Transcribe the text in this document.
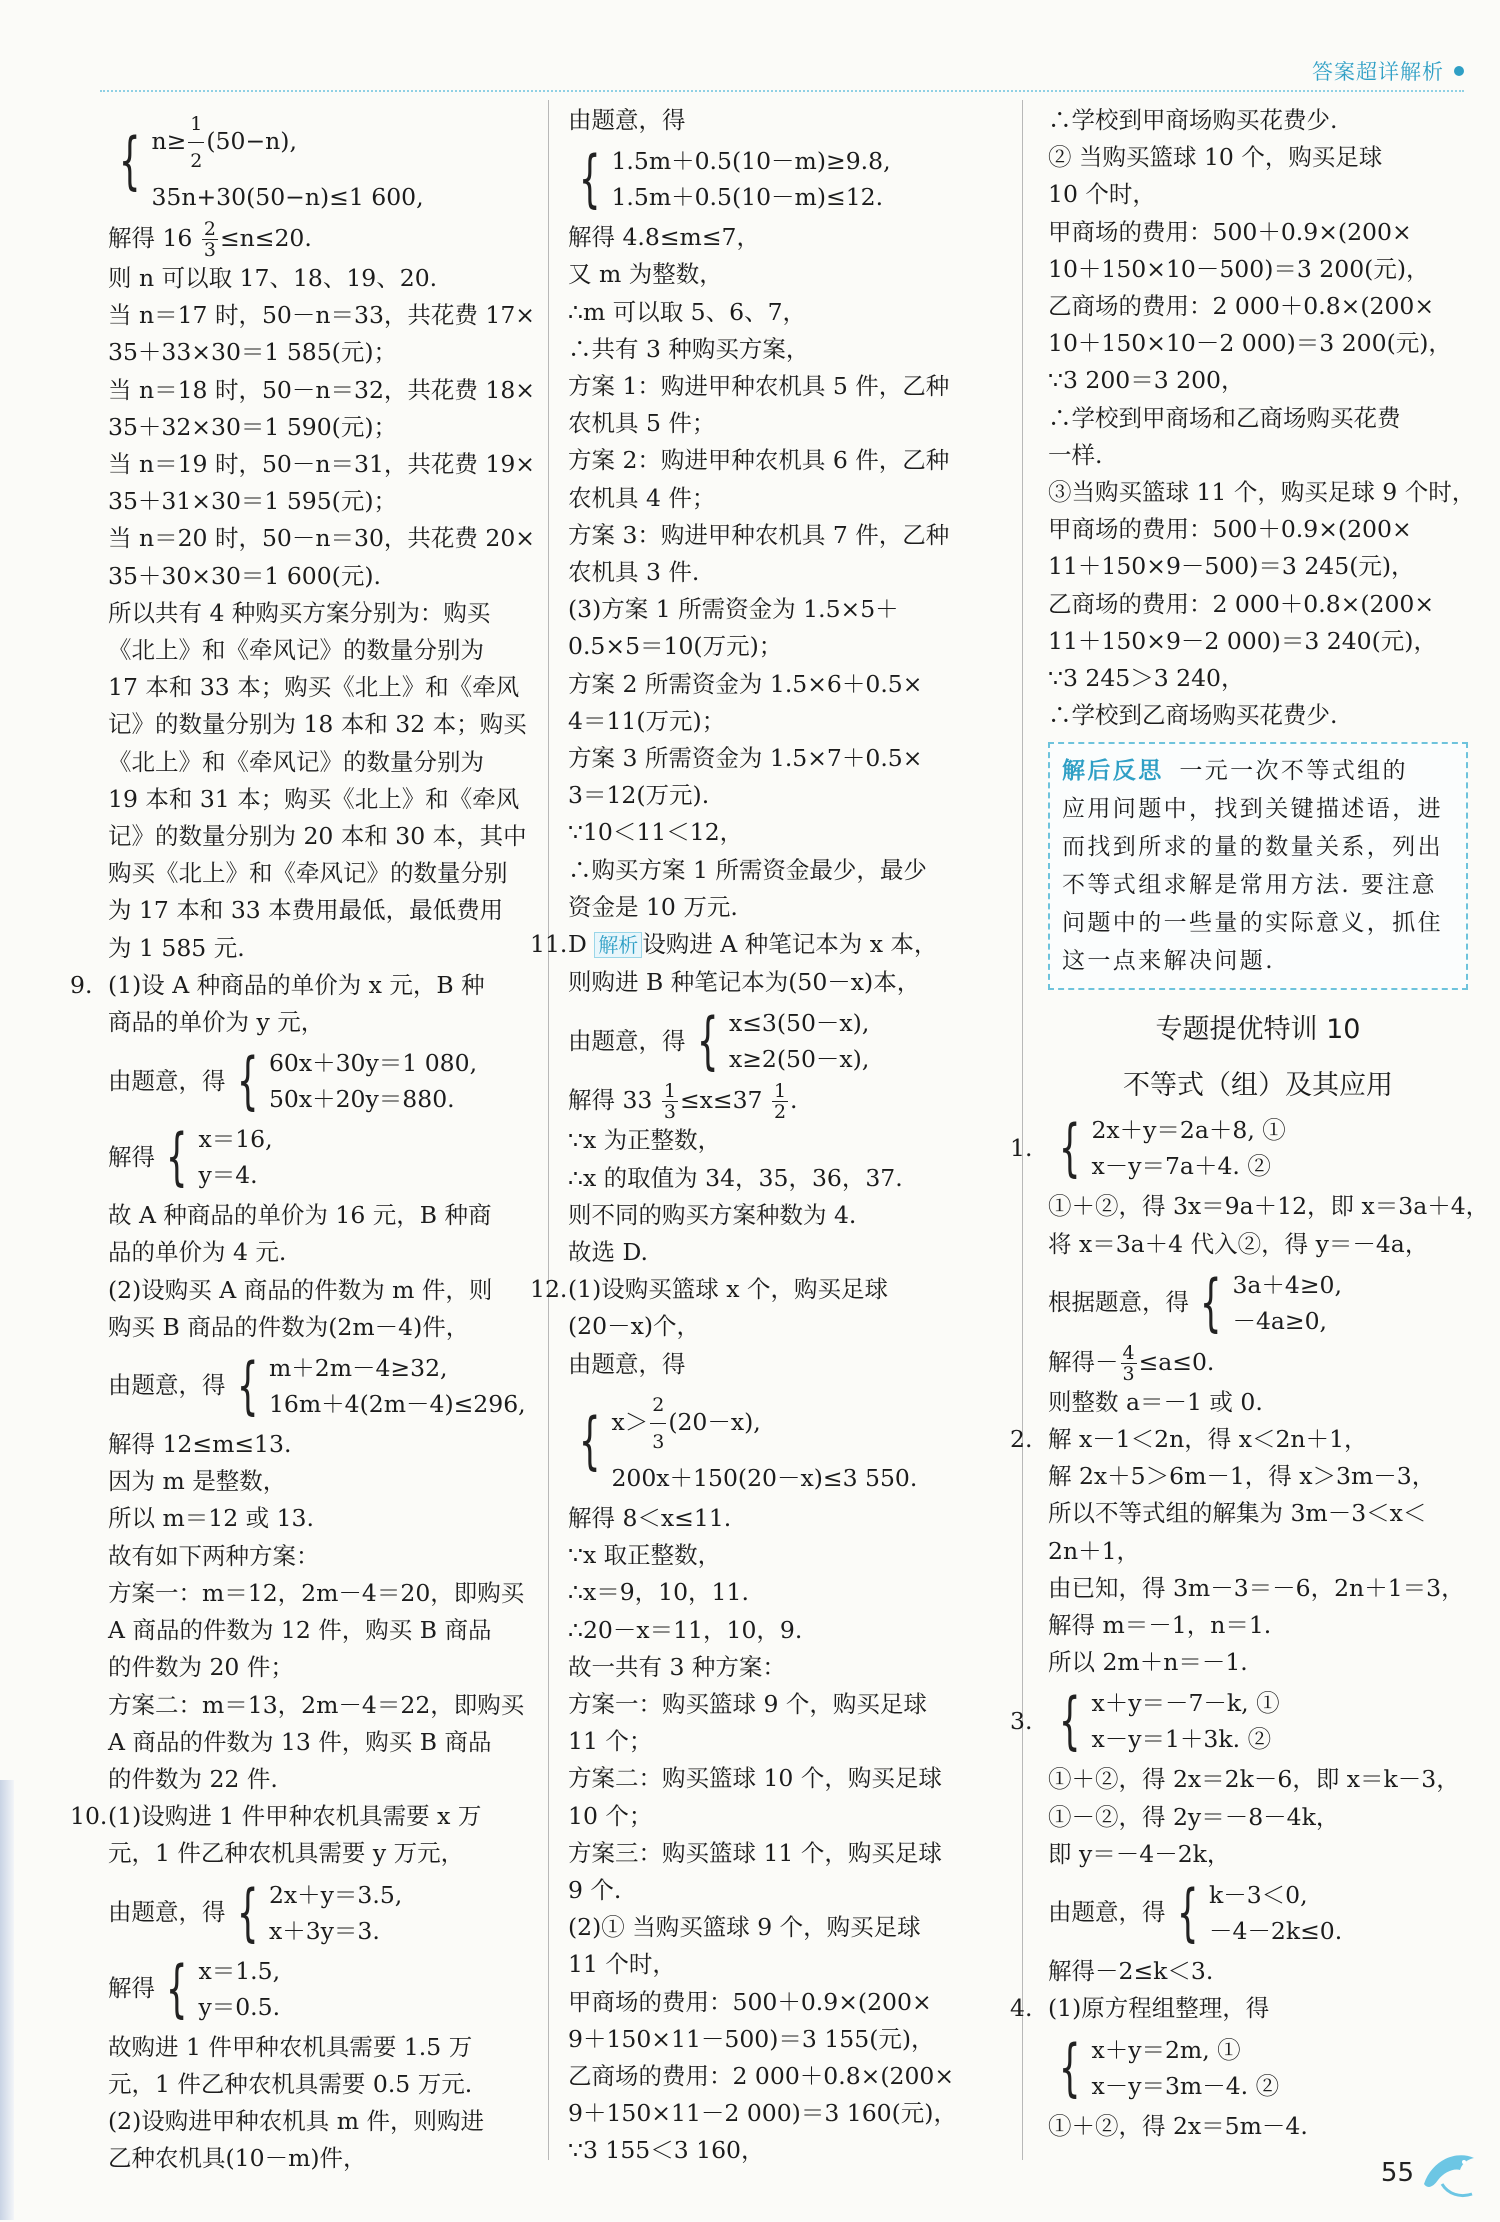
答案超详解析
{ $n\ge \frac{1}{2} (50-n)$,
35n+30(50−n)≤1 600,
解得 $16 \frac{2}{3} \le n\le 20$.
则 n 可以取 17、18、19、20.
当 n＝17 时，50－n＝33，共花费 17×
35＋33×30＝1 585(元)；
当 n＝18 时，50－n＝32，共花费 18×
35＋32×30＝1 590(元)；
当 n＝19 时，50－n＝31，共花费 19×
35＋31×30＝1 595(元)；
当 n＝20 时，50－n＝30，共花费 20×
35＋30×30＝1 600(元).
所以共有 4 种购买方案分别为：购买
《北上》和《牵风记》的数量分别为
17 本和 33 本；购买《北上》和《牵风
记》的数量分别为 18 本和 32 本；购买
《北上》和《牵风记》的数量分别为
19 本和 31 本；购买《北上》和《牵风
记》的数量分别为 20 本和 30 本，其中
购买《北上》和《牵风记》的数量分别
为 17 本和 33 本费用最低，最低费用
为 1 585 元.
9. (1)设 A 种商品的单价为 x 元，B 种
商品的单价为 y 元，
由题意，得 { 60x＋30y＝1 080,
50x＋20y＝880.
解得 { x＝16,
y＝4.
故 A 种商品的单价为 16 元，B 种商
品的单价为 4 元.
(2)设购买 A 商品的件数为 m 件，则
购买 B 商品的件数为(2m－4)件，
由题意，得 { m＋2m－4≥32,
16m＋4(2m－4)≤296,
解得 12≤m≤13.
因为 m 是整数，
所以 m＝12 或 13.
故有如下两种方案：
方案一：m＝12，2m－4＝20，即购买
A 商品的件数为 12 件，购买 B 商品
的件数为 20 件；
方案二：m＝13，2m－4＝22，即购买
A 商品的件数为 13 件，购买 B 商品
的件数为 22 件.
10. (1)设购进 1 件甲种农机具需要 x 万
元，1 件乙种农机具需要 y 万元，
由题意，得 { 2x＋y＝3.5,
x＋3y＝3.
解得 { x＝1.5,
y＝0.5.
故购进 1 件甲种农机具需要 1.5 万
元，1 件乙种农机具需要 0.5 万元.
(2)设购进甲种农机具 m 件，则购进
乙种农机具(10－m)件，
由题意，得
{ 1.5m＋0.5(10－m)≥9.8,
1.5m＋0.5(10－m)≤12.
解得 4.8≤m≤7，
又 m 为整数，
∴m 可以取 5、6、7，
∴共有 3 种购买方案，
方案 1：购进甲种农机具 5 件，乙种
农机具 5 件；
方案 2：购进甲种农机具 6 件，乙种
农机具 4 件；
方案 3：购进甲种农机具 7 件，乙种
农机具 3 件.
(3)方案 1 所需资金为 1.5×5＋
0.5×5＝10(万元)；
方案 2 所需资金为 1.5×6＋0.5×
4＝11(万元)；
方案 3 所需资金为 1.5×7＋0.5×
3＝12(万元).
∵10＜11＜12，
∴购买方案 1 所需资金最少，最少
资金是 10 万元.
11. D 解析 设购进 A 种笔记本为 x 本，
则购进 B 种笔记本为(50－x)本，
由题意，得 { x≤3(50－x),
x≥2(50－x),
解得 $33 \frac{1}{3} \le x\le 37 \frac{1}{2}$ .
∵x 为正整数，
∴x 的取值为 34，35，36，37.
则不同的购买方案种数为 4.
故选 D.
12. (1)设购买篮球 x 个，购买足球
(20－x)个，
由题意，得
{ $x> \frac{2}{3} (20-x)$,
200x＋150(20－x)≤3 550.
解得 8＜x≤11.
∵x 取正整数，
∴x＝9，10，11.
∴20－x＝11，10，9.
故一共有 3 种方案：
方案一：购买篮球 9 个，购买足球
11 个；
方案二：购买篮球 10 个，购买足球
10 个；
方案三：购买篮球 11 个，购买足球
9 个.
(2)① 当购买篮球 9 个，购买足球
11 个时，
甲商场的费用：500＋0.9×(200×
9＋150×11－500)＝3 155(元)，
乙商场的费用：2 000＋0.8×(200×
9＋150×11－2 000)＝3 160(元)，
∵3 155＜3 160，
∴学校到甲商场购买花费少.
② 当购买篮球 10 个，购买足球
10 个时，
甲商场的费用：500＋0.9×(200×
10＋150×10－500)＝3 200(元)，
乙商场的费用：2 000＋0.8×(200×
10＋150×10－2 000)＝3 200(元)，
∵3 200＝3 200，
∴学校到甲商场和乙商场购买花费
一样.
③当购买篮球 11 个，购买足球 9 个时，
甲商场的费用：500＋0.9×(200×
11＋150×9－500)＝3 245(元)，
乙商场的费用：2 000＋0.8×(200×
11＋150×9－2 000)＝3 240(元)，
∵3 245＞3 240，
∴学校到乙商场购买花费少.
解后反思 一元一次不等式组的
应用问题中，找到关键描述语，进
而找到所求的量的数量关系，列出
不等式组求解是常用方法. 要注意
问题中的一些量的实际意义，抓住
这一点来解决问题.
专题提优特训 10
不等式（组）及其应用
1. { 2x＋y＝2a＋8, ①
x－y＝7a＋4. ②
①＋②，得 3x＝9a＋12，即 x＝3a＋4，
将 x＝3a＋4 代入②，得 y＝－4a，
根据题意，得 { 3a＋4≥0,
－4a≥0,
解得－ $\frac{4}{3} \le a\le 0$.
则整数 a＝－1 或 0.
2. 解 x－1＜2n，得 x＜2n＋1，
解 2x＋5＞6m－1，得 x＞3m－3，
所以不等式组的解集为 3m－3＜x＜
2n＋1，
由已知，得 3m－3＝－6，2n＋1＝3，
解得 m＝－1，n＝1.
所以 2m＋n＝－1.
3. { x＋y＝－7－k, ①
x－y＝1＋3k. ②
①＋②，得 2x＝2k－6，即 x＝k－3，
①－②，得 2y＝－8－4k，
即 y＝－4－2k，
由题意，得 { k－3＜0,
－4－2k≤0.
解得－2≤k＜3.
4. (1)原方程组整理，得
{ x＋y＝2m, ①
x－y＝3m－4. ②
①＋②，得 2x＝5m－4.
55
